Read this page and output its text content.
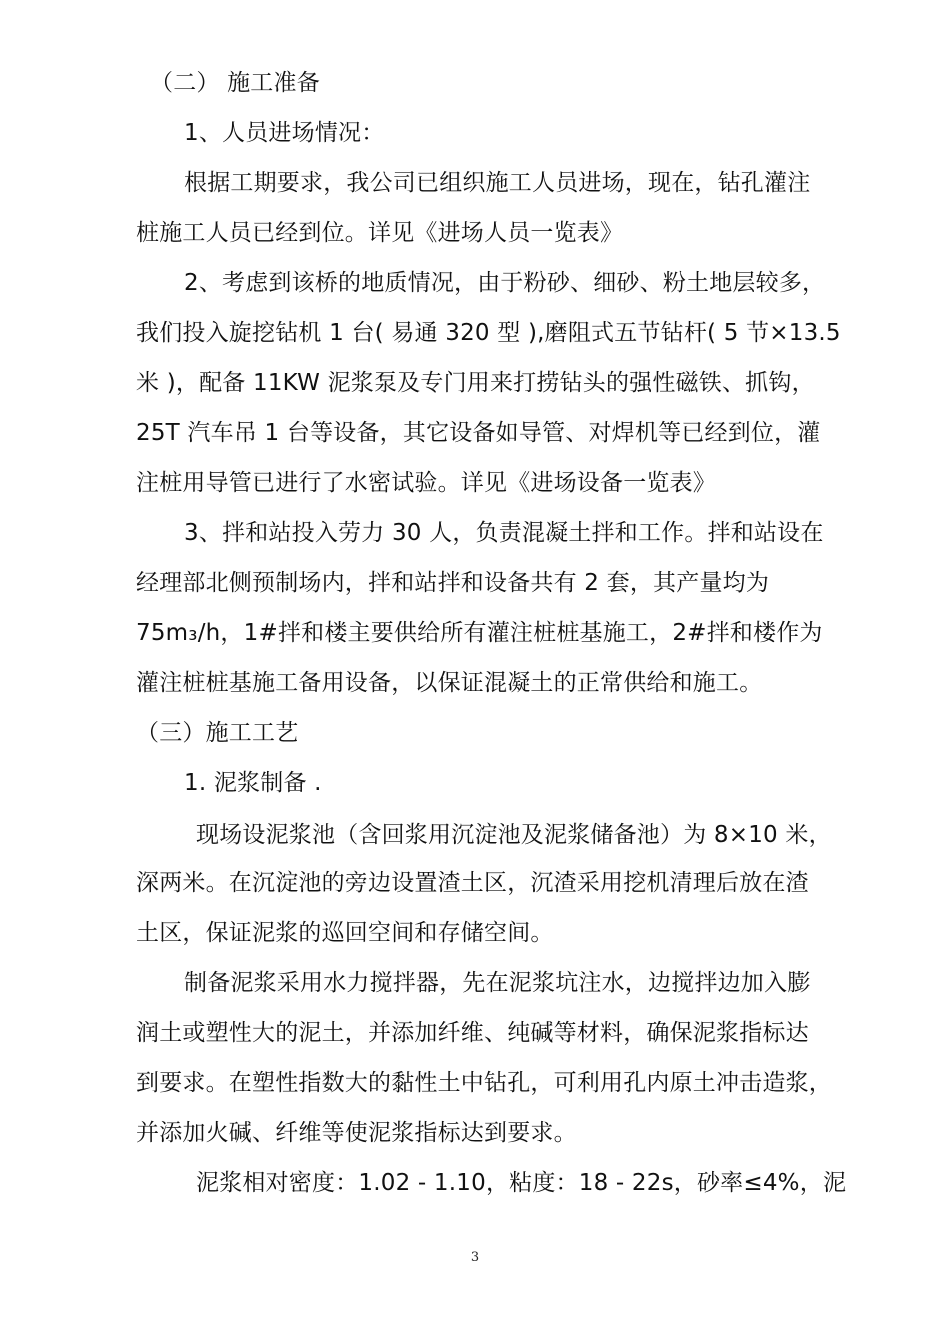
（二） 施工准备
1、人员进场情况：
根据工期要求，我公司已组织施工人员进场，现在，钻孔灌注
桩施工人员已经到位。详见《进场人员一览表》
2、考虑到该桥的地质情况，由于粉砂、细砂、粉土地层较多，
我们投入旋挖钻机 1 台( 易通 320 型 ),磨阻式五节钻杆( 5 节×13.5
米 )，配备 11KW 泥浆泵及专门用来打捞钻头的强性磁铁、抓钩，
25T 汽车吊 1 台等设备，其它设备如导管、对焊机等已经到位，灌
注桩用导管已进行了水密试验。详见《进场设备一览表》
3、拌和站投入劳力 30 人，负责混凝土拌和工作。拌和站设在
经理部北侧预制场内，拌和站拌和设备共有 2 套，其产量均为
75m₃/h，1#拌和楼主要供给所有灌注桩桩基施工，2#拌和楼作为
灌注桩桩基施工备用设备，以保证混凝土的正常供给和施工。
（三）施工工艺
1. 泥浆制备 .
现场设泥浆池（含回浆用沉淀池及泥浆储备池）为 8×10 米，
深两米。在沉淀池的旁边设置渣土区，沉渣采用挖机清理后放在渣
土区，保证泥浆的巡回空间和存储空间。
制备泥浆采用水力搅拌器，先在泥浆坑注水，边搅拌边加入膨
润土或塑性大的泥土，并添加纤维、纯碱等材料，确保泥浆指标达
到要求。在塑性指数大的黏性土中钻孔，可利用孔内原土冲击造浆，
并添加火碱、纤维等使泥浆指标达到要求。
泥浆相对密度：1.02 - 1.10，粘度：18 - 22s，砂率≤4%，泥
3
